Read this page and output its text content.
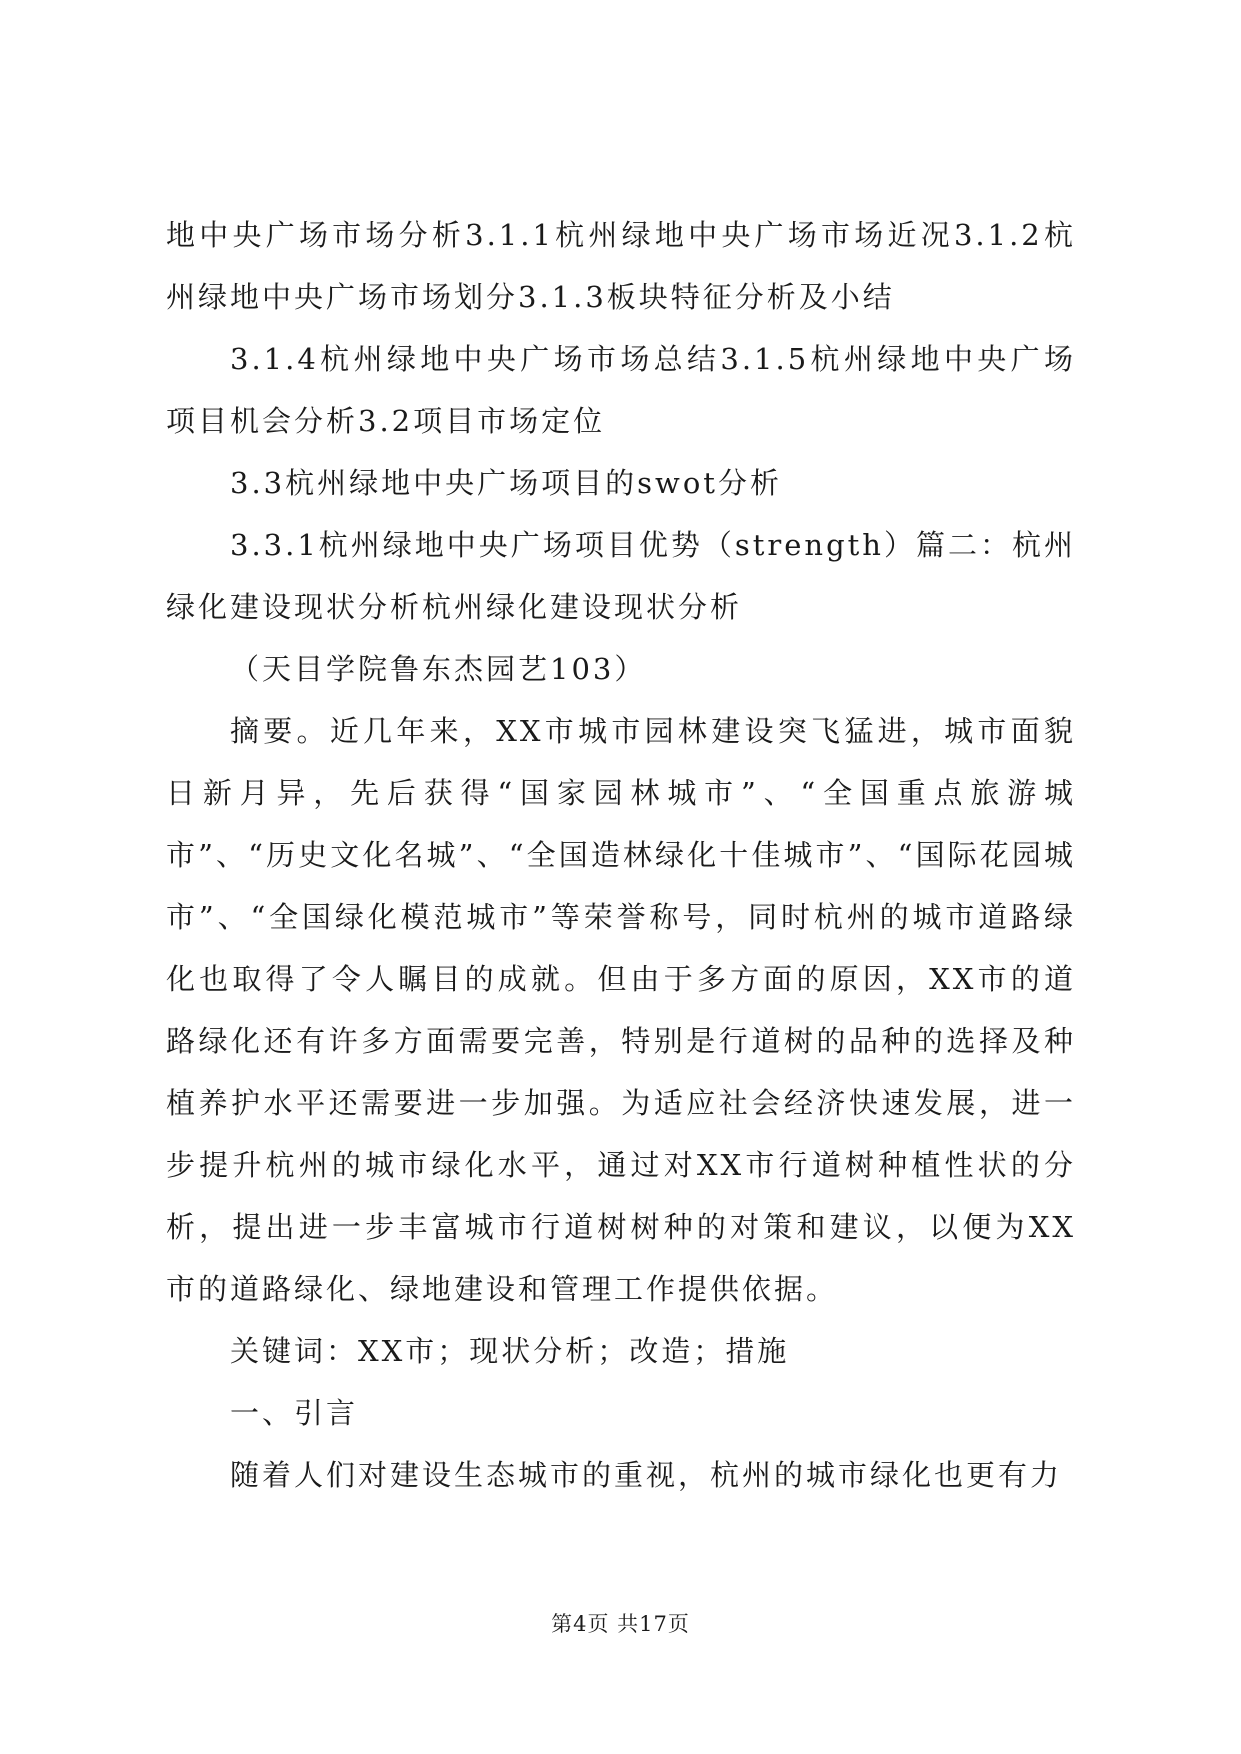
地中央广场市场分析3.1.1杭州绿地中央广场市场近况3.1.2杭州绿地中央广场市场划分3.1.3板块特征分析及小结

3.1.4杭州绿地中央广场市场总结3.1.5杭州绿地中央广场项目机会分析3.2项目市场定位

3.3杭州绿地中央广场项目的swot分析

3.3.1杭州绿地中央广场项目优势（strength）篇二：杭州绿化建设现状分析杭州绿化建设现状分析

（天目学院鲁东杰园艺103）

摘要。近几年来，XX市城市园林建设突飞猛进，城市面貌日新月异，先后获得“国家园林城市”、“全国重点旅游城市”、“历史文化名城”、“全国造林绿化十佳城市”、“国际花园城市”、“全国绿化模范城市”等荣誉称号，同时杭州的城市道路绿化也取得了令人瞩目的成就。但由于多方面的原因，XX市的道路绿化还有许多方面需要完善，特别是行道树的品种的选择及种植养护水平还需要进一步加强。为适应社会经济快速发展，进一步提升杭州的城市绿化水平，通过对XX市行道树种植性状的分析，提出进一步丰富城市行道树树种的对策和建议，以便为XX市的道路绿化、绿地建设和管理工作提供依据。

关键词：XX市；现状分析；改造；措施

一、引言

随着人们对建设生态城市的重视，杭州的城市绿化也更有力

第4页 共17页
